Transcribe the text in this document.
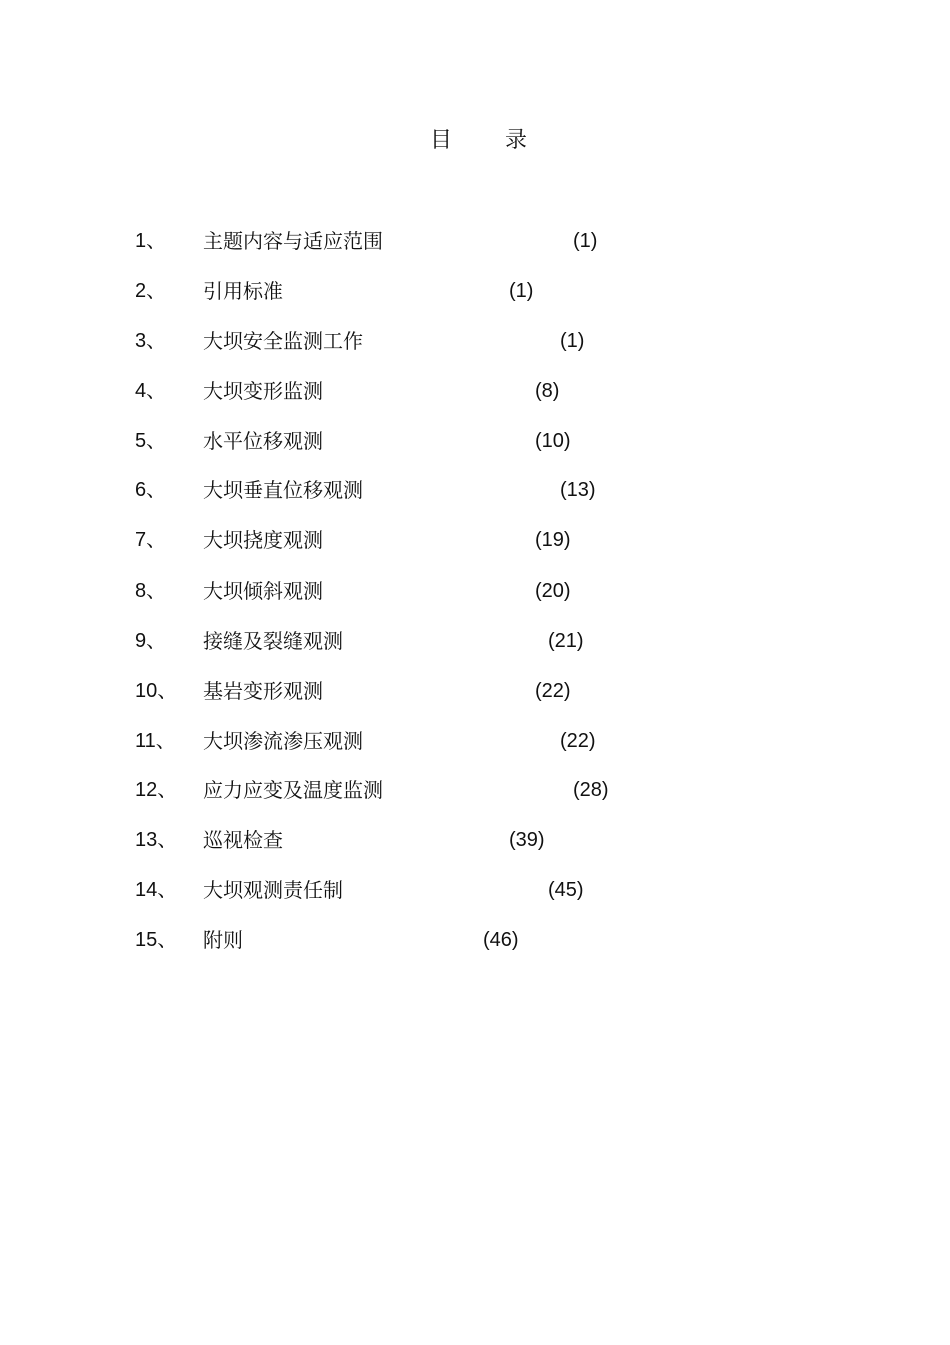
目 录
1、 主题内容与适应范围	(1)
2、 引用标准	(1)
3、 大坝安全监测工作	(1)
4、 大坝变形监测	(8)
5、 水平位移观测	(10)
6、 大坝垂直位移观测	(13)
7、 大坝挠度观测	(19)
8、 大坝倾斜观测	(20)
9、 接缝及裂缝观测	(21)
10、 基岩变形观测	(22)
11、 大坝渗流渗压观测	(22)
12、 应力应变及温度监测	(28)
13、 巡视检查	(39)
14、 大坝观测责任制	(45)
15、 附则	(46)
